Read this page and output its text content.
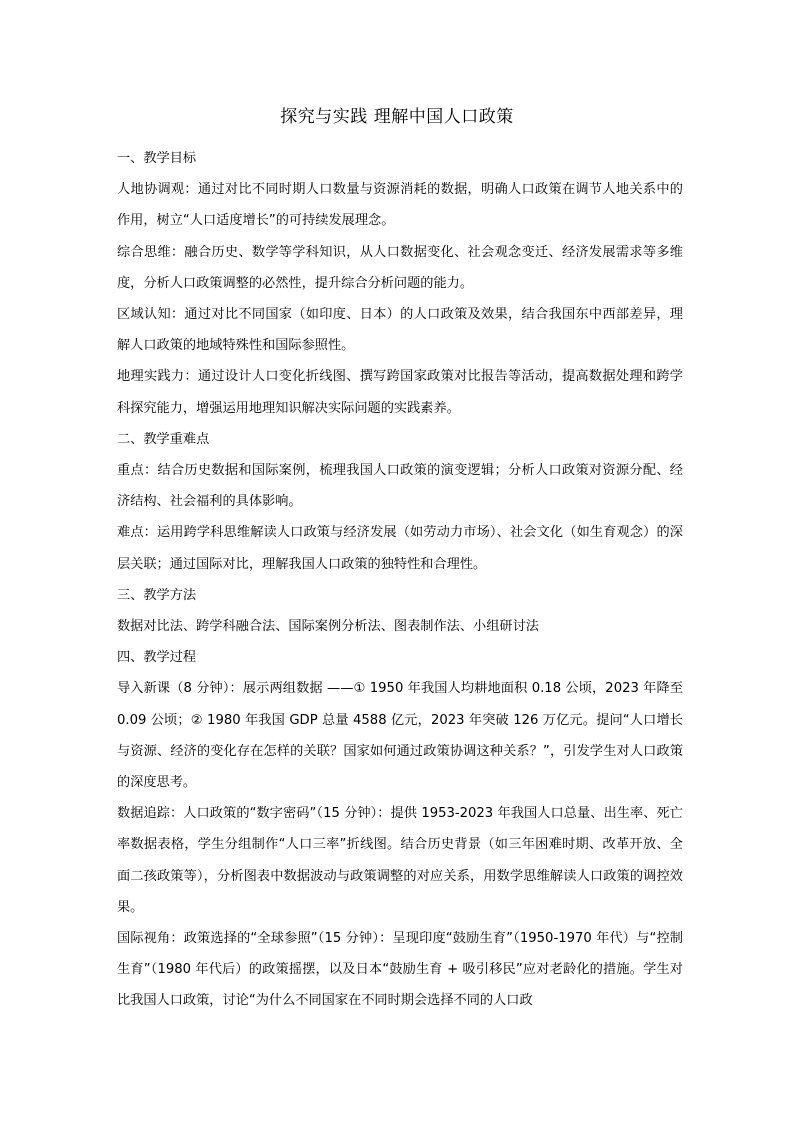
探究与实践 理解中国人口政策

一、教学目标

人地协调观：通过对比不同时期人口数量与资源消耗的数据，明确人口政策在调节人地关系中的作用，树立“人口适度增长”的可持续发展理念。

综合思维：融合历史、数学等学科知识，从人口数据变化、社会观念变迁、经济发展需求等多维度，分析人口政策调整的必然性，提升综合分析问题的能力。

区域认知：通过对比不同国家（如印度、日本）的人口政策及效果，结合我国东中西部差异，理解人口政策的地域特殊性和国际参照性。

地理实践力：通过设计人口变化折线图、撰写跨国家政策对比报告等活动，提高数据处理和跨学科探究能力，增强运用地理知识解决实际问题的实践素养。

二、教学重难点

重点：结合历史数据和国际案例，梳理我国人口政策的演变逻辑；分析人口政策对资源分配、经济结构、社会福利的具体影响。

难点：运用跨学科思维解读人口政策与经济发展（如劳动力市场）、社会文化（如生育观念）的深层关联；通过国际对比，理解我国人口政策的独特性和合理性。

三、教学方法

数据对比法、跨学科融合法、国际案例分析法、图表制作法、小组研讨法

四、教学过程

导入新课（8 分钟）：展示两组数据 ——① 1950 年我国人均耕地面积 0.18 公顷，2023 年降至 0.09 公顷；② 1980 年我国 GDP 总量 4588 亿元，2023 年突破 126 万亿元。提问“人口增长与资源、经济的变化存在怎样的关联？国家如何通过政策协调这种关系？”，引发学生对人口政策的深度思考。

数据追踪：人口政策的“数字密码”（15 分钟）：提供 1953-2023 年我国人口总量、出生率、死亡率数据表格，学生分组制作“人口三率”折线图。结合历史背景（如三年困难时期、改革开放、全面二孩政策等），分析图表中数据波动与政策调整的对应关系，用数学思维解读人口政策的调控效果。

国际视角：政策选择的“全球参照”（15 分钟）：呈现印度“鼓励生育”（1950-1970 年代）与“控制生育”（1980 年代后）的政策摇摆，以及日本“鼓励生育 + 吸引移民”应对老龄化的措施。学生对比我国人口政策，讨论“为什么不同国家在不同时期会选择不同的人口政
